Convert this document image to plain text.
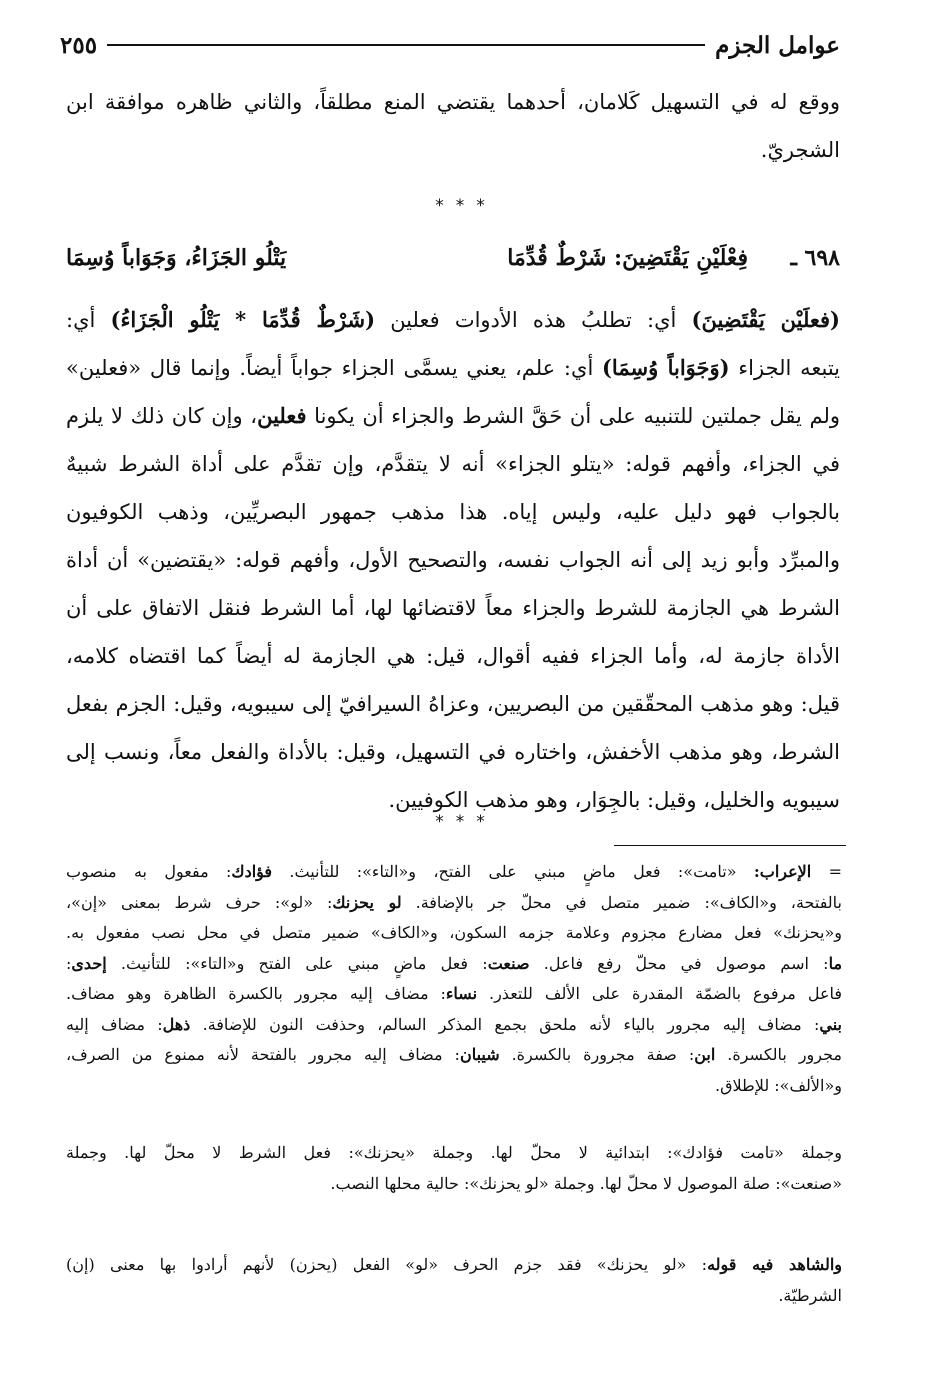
عوامل الجزم
٢٥٥
ووقع له في التسهيل كَلامان، أحدهما يقتضي المنع مطلقاً، والثاني ظاهره موافقة ابن الشجريّ.
***
٦٩٨ ـ
فِعْلَيْنِ يَقْتَضِينَ: شَرْطٌ قُدِّمَا
يَتْلُو الجَزَاءُ، وَجَوَاباً وُسِمَا
(فعلَيْن يَقْتَضِينَ) أي: تطلبُ هذه الأدوات فعلين (شَرْطٌ قُدِّمَا * يَتْلُو الْجَزَاءُ) أي:
يتبعه الجزاء (وَجَوَاباً وُسِمَا) أي: علم، يعني يسمَّى الجزاء جواباً أيضاً. وإنما قال «فعلين»
ولم يقل جملتين للتنبيه على أن حَقَّ الشرط والجزاء أن يكونا فعلين، وإن كان ذلك لا يلزم
في الجزاء، وأفهم قوله: «يتلو الجزاء» أنه لا يتقدَّم، وإن تقدَّم على أداة الشرط شبيهٌ
بالجواب فهو دليل عليه، وليس إياه. هذا مذهب جمهور البصريِّين، وذهب الكوفيون
والمبرِّد وأبو زيد إلى أنه الجواب نفسه، والتصحيح الأول، وأفهم قوله: «يقتضين» أن أداة
الشرط هي الجازمة للشرط والجزاء معاً لاقتضائها لها، أما الشرط فنقل الاتفاق على أن
الأداة جازمة له، وأما الجزاء ففيه أقوال، قيل: هي الجازمة له أيضاً كما اقتضاه كلامه،
قيل: وهو مذهب المحقّقين من البصريين، وعزاهُ السيرافيّ إلى سيبويه، وقيل: الجزم بفعل
الشرط، وهو مذهب الأخفش، واختاره في التسهيل، وقيل: بالأداة والفعل معاً، ونسب إلى
سيبويه والخليل، وقيل: بالجِوَار، وهو مذهب الكوفيين.
***
= الإعراب: «تامت»: فعل ماضٍ مبني على الفتح، و«التاء»: للتأنيث. فؤادك: مفعول به منصوب
بالفتحة، و«الكاف»: ضمير متصل في محلّ جر بالإضافة. لو يحزنك: «لو»: حرف شرط بمعنى «إن»،
و«يحزنك» فعل مضارع مجزوم وعلامة جزمه السكون، و«الكاف» ضمير متصل في محل نصب مفعول به.
ما: اسم موصول في محلّ رفع فاعل. صنعت: فعل ماضٍ مبني على الفتح و«التاء»: للتأنيث. إحدى:
فاعل مرفوع بالضمّة المقدرة على الألف للتعذر. نساء: مضاف إليه مجرور بالكسرة الظاهرة وهو مضاف.
بني: مضاف إليه مجرور بالياء لأنه ملحق بجمع المذكر السالم، وحذفت النون للإضافة. ذهل: مضاف إليه
مجرور بالكسرة. ابن: صفة مجرورة بالكسرة. شيبان: مضاف إليه مجرور بالفتحة لأنه ممنوع من الصرف،
و«الألف»: للإطلاق.
وجملة «تامت فؤادك»: ابتدائية لا محلّ لها. وجملة «يحزنك»: فعل الشرط لا محلّ لها. وجملة
«صنعت»: صلة الموصول لا محلّ لها. وجملة «لو يحزنك»: حالية محلها النصب.
والشاهد فيه قوله: «لو يحزنك» فقد جزم الحرف «لو» الفعل (يحزن) لأنهم أرادوا بها معنى (إن)
الشرطيّة.
